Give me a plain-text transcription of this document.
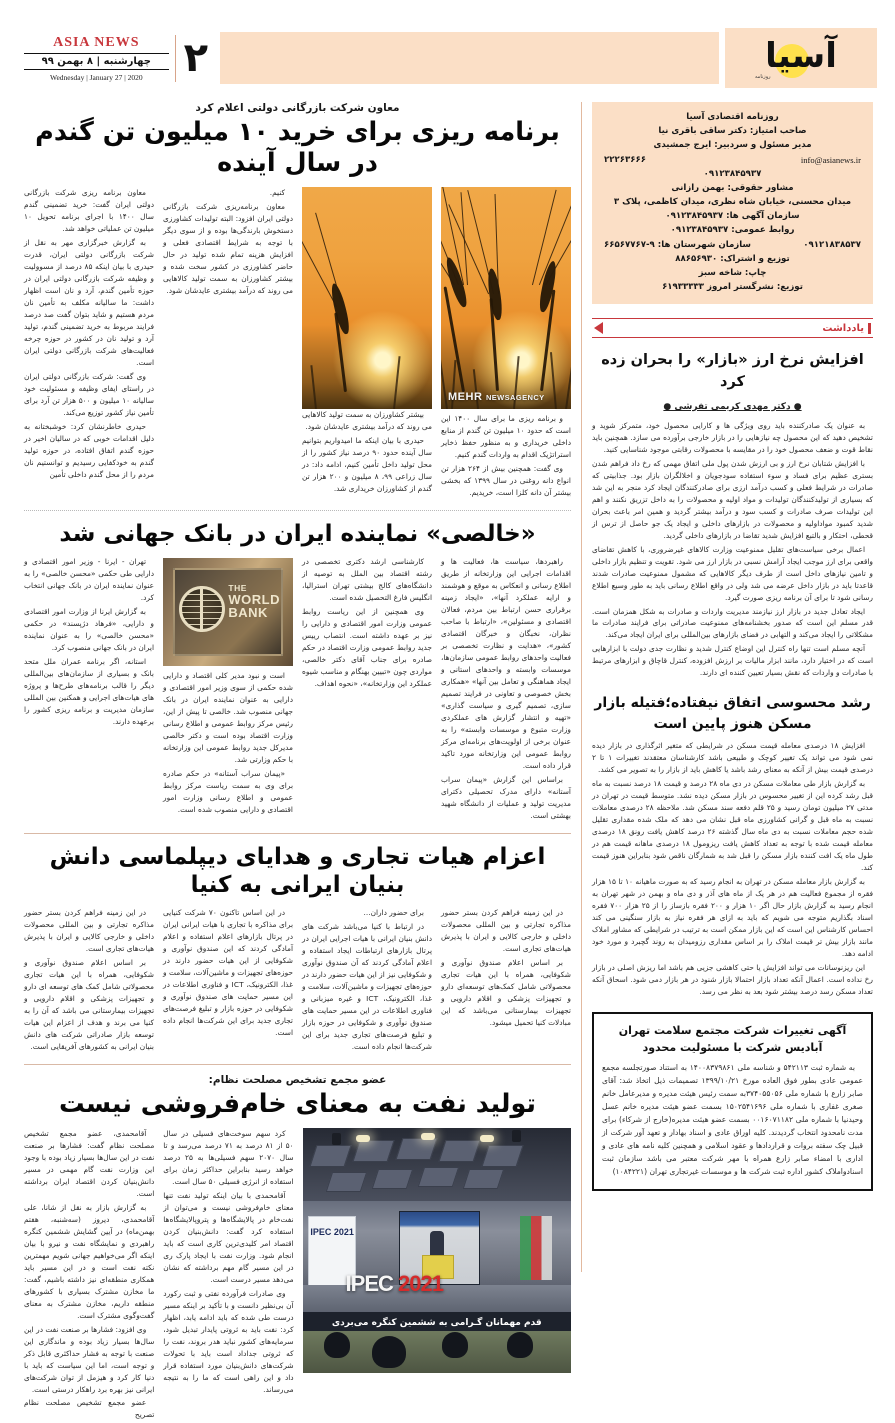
آسیا
روزنامه
۲
ASIA NEWS
چهارشنبه | ۸ بهمن ۹۹
Wednesday | January 27 | 2020
روزنامه اقتصادی آسیا
صاحب امتیاز: دکتر ساقی باقری نیا
مدیر مسئول و سردبیر: ایرج جمشیدی
info@asianews.ir
۲۲۲۶۳۶۶۶
۰۹۱۲۳۸۴۵۹۳۷
مشاور حقوقی: بهمن رازانی
میدان محسنی، خیابان شاه نظری، میدان کاظمی، پلاک ۳
سازمان آگهی ها: ۰۹۱۲۳۸۴۵۹۳۷
روابط عمومی: ۰۹۱۲۳۸۴۵۹۳۷
۰۹۱۲۱۸۳۸۵۳۷
سازمان شهرستان ها: ۹-۶۶۵۶۷۷۶۷
توزیع و اشتراک: ۸۸۶۵۶۹۳۰
چاپ: شاخه سبز
توزیع: نشرگستر امروز ۶۱۹۳۳۳۳۳
یادداشت
افزایش نرخ ارز «بازار» را بحران زده کرد
● دکتر مهدی کریمی تفرشی ●

به عنوان یک صادرکننده باید روی ویژگی ها و کارایی محصول خود، متمرکز شوید و تشخیص دهید که این محصول چه نیازهایی را در بازار خارجی برآورده می سازد. همچنین باید نقاط قوت و ضعف محصول خود را در مقایسه با محصولات رقابتی موجود شناسایی کنید.

با افزایش شتابان نرخ ارز و بی ارزش شدن پول ملی اتفاق مهمی که رخ داد فراهم شدن بستری عظیم برای فساد و سوء استفاده سودجویان و اخلالگران بازار بود. جذابیتی که صادرات در شرایط فعلی و کسب درآمد ارزی برای صادرکنندگان ایجاد کرد منجر به این شد که بسیاری از تولیدکنندگان تولیدات و مواد اولیه و محصولات را به داخل تزریق نکنند و اهم این تولیدات صرف صادرات و کسب سود و درآمد بیشتر گردید و همین امر باعث بحران شدید کمبود مواداولیه و محصولات در بازارهای داخلی و ایجاد یک جو حاصل از ترس از قحطی، احتکار و بالتبع افزایش شدید تقاضا در بازارهای داخلی گردید.

اعمال برخی سیاست‌های تقلیل ممنوعیت وزارت کالاهای غیرضروری، با کاهش تقاضای واقعی برای ارز موجب ایجاد آرامش نسبی در بازار ارز می شود. تقویت و تنظیم بازار داخلی و تامین نیازهای داخل است از طرف دیگر کالاهایی که مشمول ممنوعیت صادرات شدند قاعدتا باید در بازار داخل عرضه می شد ولی در واقع اطلاع رسانی باید به طور وسیع اطلاع رسانی شود تا برای آن برنامه ریزی صورت گیرد.

ایجاد تعادل جدید در بازار ارز نیازمند مدیریت واردات و صادرات به شکل همزمان است. قدر مسلم این است که صدور بخشنامه‌های ممنوعیت صادراتی برای فرایند صادرات ما مشکلاتی را ایجاد می‌کند و التهابی در فضای بازارهای بین‌المللی برای ایران ایجاد می‌کند.

آنچه مسلم است تنها راه کنترل این اوضاع کنترل شدید و نظارت جدی دولت با ابزارهایی است که در اختیار دارد، مانند ابزار مالیات بر ارزش افزوده، کنترل قاچاق و ابزارهای مرتبط با صادرات و واردات که نقش بسیار تعیین کننده ای دارند.

رشد محسوسی اتفاق نیفتاده؛فتیله بازار مسکن هنوز پایین است

افزایش ۱۸ درصدی معامله قیمت مسکن در شرایطی که متغیر اثرگذاری در بازار دیده نمی شود می تواند یک تغییر کوچک و طبیعی باشد کارشناسان معتقدند تغییرات ۱ تا ۲ درصدی قیمت بیش از آنکه به معنای رشد باشد یا کاهش باید از بازار را به تصویر می کشد.

به گزارش بازار طی معاملات مسکن در دی ماه ۲۸ درصد و قیمت ۱۸ درصد نسبت به ماه قبل رشد کرده این از تغییر محسوس در بازار مسکن دیده نشد. متوسط قیمت در تهران در مدتی ۲۷ میلیون تومان رسید و ۲۵ قلم دفعه سند مسکن شد. ملاحظه ۲۸ درصدی معاملات نسبت به ماه قبل و گرانی کشاورزی ماه قبل نشان می دهد که ملک شده مقداری تقلیل شده حجم معاملات نسبت به دی ماه سال گذشته ۲۶ درصد کاهش یافت رونق ۱۸ درصدی معامله قیمت شده با توجه به تعداد کاهش یافت ریزومول ۱۸ درصدی ماهانه قیمت هم در طول ماه یک افت کننده بازار مسکن را قبل شد به شمارگان ناقص شود بنابراین هنوز قیمت کند.

به گزارش بازار معامله مسکن در تهران به انجام رسید که به صورت ماهیانه ۱۰ تا ۱۵ هزار فقره از مجموع فعالیت هم در هر یک از ماه های آذر و دی ماه و بهمن در شهر تهران به انجام رسید به گزارش بازار حال اگر ۱۰ هزار و ۲۰۰ فقره بازساز را از ۲۵ هزار ۷۰۰ فقره اسناد بگذاریم متوجه می شویم که باید به ازای هر فقره نیاز به بازار سنگینی می کند احساس کارشناس این است که این بازار ممکن است به ترتیب در شرایطی که مشاور املاک مانند بازار بیش تر قیمت املاک را بر اساس مقداری رزومیدان به روند گچبرد و مورد خود ادامه دهد.

این ریزنوسانات می تواند افزایش یا حتی کاهشی جزیی هم باشد اما ریزش اصلی در بازار رخ نداده است. اعمال آنکه تعداد بازار احتمالا بازار شنود در هر بازار دمی شود. اسحاق آنکه تعداد مسکن رسد درصد بیشتر شود بعد به نظر می رسد.

آگهی تغییرات شرکت مجتمع سلامت تهران آبادیس شرکت با مسئولیت محدود

به شماره ثبت ۵۴۲۱۱۳ و شناسه ملی ۱۴۰۰۸۳۷۹۸۶۱ به استناد صورتجلسه مجمع عمومی عادی بطور فوق العاده مورخ ۱۳۹۹/۱۰/۲۱ تصمیمات ذیل اتخاذ شد: آقای صابر زارع با شماره ملی ۳۷۴۰۵۵۰۵۶به سمت رئیس هیئت مدیره و مدیرعامل خانم صغری غفاری با شماره ملی ۱۵۰۲۵۴۱۶۹۶ بسمت عضو هیئت مدیره خانم عسل وحیدنیا با شماره ملی ۰۰۱۶۰۷۱۱۸۲ بسمت عضو هیئت مدیره(خارج از شرکاء) برای مدت نامحدود انتخاب گردیدند. کلیه اوراق عادی و اسناد بهادار و تعهد آور شرکت از قبیل چک سفته بروات و قراردادها و عقود اسلامی و همچنین کلیه نامه های عادی و اداری با امضاء صابر زارع همراه با مهر شرکت معتبر می باشد سازمان ثبت اسنادواملاک کشور اداره ثبت شرکت ها و موسسات غیرتجاری تهران (۱۰۸۴۲۲۱)

معاون شرکت بازرگانی دولتی اعلام کرد
برنامه ریزی برای خرید ۱۰ میلیون تن گندم در سال آینده
MEHR NEWSAGENCY

و برنامه ریزی ما برای سال ۱۴۰۰ این است که حدود ۱۰ میلیون تن گندم از منابع داخلی خریداری و به منظور حفظ ذخایر استراتژیک اقدام به واردات گندم کنیم.

وی گفت: همچنین بیش از ۲۶۴ هزار تن انواع دانه روغنی در سال ۱۳۹۹ که بخشی بیشتر آن دانه کلزا است، خریدیم.

بیشتر کشاورزان به سمت تولید کالاهایی می روند که درآمد بیشتری عایدشان شود.

حیدری با بیان اینکه ما امیدواریم بتوانیم سال آینده حدود ۹۰ درصد نیاز کشور را از محل تولید داخل تأمین کنیم، ادامه داد: در سال زراعی ۹۹، ۸ میلیون و ۲۰۰ هزار تن گندم از کشاورزان خریداری شد.

کنیم.

معاون برنامه‌ریزی شرکت بازرگانی دولتی ایران افزود: البته تولیدات کشاورزی دستخوش بارندگی‌ها بوده و از سوی دیگر با توجه به شرایط اقتصادی فعلی و افزایش هزینه تمام شده تولید در حال حاضر کشاورزی در کشور سخت شده و بیشتر کشاورزان به سمت تولید کالاهایی می روند که درآمد بیشتری عایدشان شود.

معاون برنامه ریزی شرکت بازرگانی دولتی ایران گفت: خرید تضمینی گندم سال ۱۴۰۰ با اجرای برنامه تحویل ۱۰ میلیون تن عملیاتی خواهد شد.

به گزارش خبرگزاری مهر به نقل از شرکت بازرگانی دولتی ایران، قدرت حیدری با بیان اینکه ۸۵ درصد از مسوولیت و وظیفه شرکت بازرگانی دولتی ایران در حوزه تأمین گندم، آرد و نان است اظهار داشت: ما سالیانه مکلف به تأمین نان مردم هستیم و شاید بتوان گفت صد درصد فرایند مربوط به خرید تضمینی گندم، تولید آرد و تولید نان در کشور در حوزه چرخه فعالیت‌های شرکت بازرگانی دولتی ایران است.

وی گفت: شرکت بازرگانی دولتی ایران در راستای ایفای وظیفه و مسئولیت خود سالیانه ۱۰ میلیون و ۵۰۰ هزار تن آرد برای تأمین نیاز کشور توزیع می‌کند.

حیدری خاطرنشان کرد: خوشبختانه به دلیل اقدامات خوبی که در سالیان اخیر در حوزه گندم اتفاق افتاده، در حوزه تولید گندم به خودکفایی رسیدیم و توانستیم نان مردم را از محل گندم داخلی تأمین

«خالصی» نماینده ایران در بانک جهانی شد

راهبردها، سیاست ها، فعالیت ها و اقدامات اجرایی این وزارتخانه از طریق اطلاع رسانی و انعکاس به موقع و هوشمند و ارایه عملکرد آنها»، «ایجاد زمینه برقراری حسن ارتباط بین مردم، فعالان اقتصادی و مسئولین»، «ارتباط با صاحب نظران، نخبگان و خبرگان اقتصادی کشور»، «هدایت و نظارت تخصصی بر فعالیت واحدهای روابط عمومی سازمان‌ها، موسسات وابسته و واحدهای استانی و ایجاد هماهنگی و تعامل بین آنها» «همکاری بخش خصوصی و تعاونی در فرایند تصمیم سازی، تصمیم گیری و سیاست گذاری» «تهیه و انتشار گزارش های عملکردی وزارت متبوع و موسسات وابسته» را به عنوان برخی از اولویت‌های برنامه‌ای مرکز روابط عمومی این وزارتخانه مورد تاکید قرار داده است.

براساس این گزارش «پیمان سراب آستانه» دارای مدرک تحصیلی دکترای مدیریت تولید و عملیات از دانشگاه شهید بهشتی است.

کارشناسی ارشد دکتری تخصصی در رشته اقتصاد بین الملل به توصیه از دانشگاه‌های کالج بیشتی تهران استرالیا، انگلیس فارغ التحصیل شده است.

وی همچنین از این ریاست روابط عمومی وزارت امور اقتصادی و دارایی را نیز بر عهده داشته است. انتصاب رییس جدید روابط عمومی وزارت اقتصاد در حکم صادره برای جناب آقای دکتر خالصی، مواردی چون «تبیین بهنگام و مناسب شیوه عملکرد این وزارتخانه»، «نحوه اهداف.

THE
WORLD
BANK

است و نبود مدیر کلی اقتصاد و دارایی شده حکمی از سوی وزیر امور اقتصادی و دارایی به عنوان نماینده ایران در بانک جهانی منصوب شد. خالصی تا پیش از این، رئیس مرکز روابط عمومی و اطلاع رسانی وزارت اقتصاد بوده است و دکتر خالصی مدیرکل جدید روابط عمومی این وزارتخانه با حکم وزارتی شد.

«پیمان سراب آستانه» در حکم صادره برای وی به سمت ریاست مرکز روابط عمومی و اطلاع رسانی وزارت امور اقتصادی و دارایی منصوب شده است.

تهران - ایرنا - وزیر امور اقتصادی و دارایی طی حکمی «محسن خالصی» را به عنوان نماینده ایران در بانک جهانی انتخاب کرد.

به گزارش ایرنا از وزارت امور اقتصادی و دارایی، «فرهاد دژپسند» در حکمی «محسن خالصی» را به عنوان نماینده ایران در بانک جهانی منصوب کرد.

استانه، اگر برنامه عمران ملل متحد بانک و بسیاری از سازمان‌های بین‌المللی دیگر را قالب برنامه‌های طرح‌ها و پروژه های هیات‌های اجرایی و همکنین بین المللی سازمان مدیریت و برنامه ریزی کشور را برعهده دارند.

اعزام هیات تجاری و هدایای دیپلماسی دانش بنیان ایرانی به کنیا

در این زمینه فراهم کردن بستر حضور مذاکره تجارتی و بین المللی محصولات داخلی و خارجی کالایی و ایران با پذیرش هیات‌های تجاری است.

بر اساس اعلام صندوق نوآوری و شکوفایی، همراه با این هیات تجاری محصولاتی شامل کمک‌های توسعه‌ای دارو و تجهیزات پزشکی و اقلام دارویی و تجهیزات بیمارستانی می‌باشد که این مبادلات کنیا تحمیل میشود.

برای حضور داران...

در ارتباط با کنیا می‌باشد شرکت های دانش بنیان ایرانی با هیات اجرایی ایران در پرتال بازارهای ارتباطات ایجاد استفاده و اعلام آمادگی کردند که آن صندوق نوآوری و شکوفایی نیز از این هیات حضور دارند در حوزه‌های تجهیزات و ماشین‌آلات، سلامت و غذا، الکترونیک، ICT و غیره میزبانی و فناوری اطلاعات در این مسیر حمایت های صندوق نوآوری و شکوفایی در حوزه بازار و تبلیغ فرصت‌های تجاری جدید برای این شرکت‌ها انجام داده است.

در این اساس تاکنون ۷۰ شرکت کنیایی برای مذاکره با تجاری با هیات ایرانی ایران در پرتال بازارهای اعلام استفاده و اعلام آمادگی کردند که این صندوق نوآوری و شکوفایی از این هیات حضور دارند در حوزه‌های تجهیزات و ماشین‌آلات، سلامت و غذا، الکترونیک، ICT و فناوری اطلاعات در این مسیر حمایت های صندوق نوآوری و شکوفایی در حوزه بازار و تبلیغ فرصت‌های تجاری جدید برای این شرکت‌ها انجام داده است.

در این زمینه فراهم کردن بستر حضور مذاکره تجارتی و بین المللی محصولات داخلی و خارجی کالایی و ایران با پذیرش هیات‌های تجاری است.

بر اساس اعلام صندوق نوآوری و شکوفایی، همراه با این هیات تجاری محصولاتی شامل کمک های توسعه ای دارو و تجهیزات پزشکی و اقلام دارویی و تجهیزات بیمارستانی می باشد که آن را به کنیا می برند و هدف از اعزام این هیات توسعه بازار صادراتی شرکت های دانش بنیان ایرانی به کشورهای آفریقایی است.

عضو مجمع تشخیص مصلحت نظام:
تولید نفت به معنای خام‌فروشی نیست
IPEC 2021
IPEC 2021
قدم مهمانان گـرامی به ششمین کنگره می‌بردی

کرد سهم سوخت‌های فسیلی در سال ۵۰ از ۸۱ درصد به ۷۱ درصد می‌رسد و تا سال ۲۰۷۰ سهم فسیلی‌ها به ۲۵ درصد خواهد رسید بنابراین حداکثر زمان برای استفاده از انرژی فسیلی ۵۰ سال است.

آقامحمدی با بیان اینکه تولید نفت تنها معنای خام‌فروشی نیست و می‌توان از نفت‌خام در پالایشگاه‌ها و پتروپالایشگاه‌ها استفاده کرد گفت: دانش‌بنیان کردن اقتصاد امر کلیدی‌ترین کاری است که باید انجام شود. وزارت نفت با ایجاد پارک ری در این مسیر گام مهم برداشته که نشان می‌دهد مسیر درست است.

وی صادرات فرآورده نفتی و ثبت رکورد آن بی‌نظیر دانست و با تأکید بر اینکه مسیر درست طی شده که باید ادامه یابد، اظهار کرد: نفت باید به ثروتی پایدار تبدیل شود، سرمایه‌های کشور نباید هدر بروند، نفت را که ثروتی جداداد است باید با تحولات شرکت‌های دانش‌بنیان مورد استفاده قرار داد و این راهی است که ما را به نتیجه می‌رساند.

آقامحمدی، عضو مجمع تشخیص مصلحت نظام گفت: فشارها بر صنعت نفت در این سال‌ها بسیار زیاد بوده با وجود این وزارت نفت گام مهمی در مسیر دانش‌بنیان کردن اقتصاد ایران برداشته است.

به گزارش بازار به نقل از شانا، علی آقامحمدی، دیروز (سه‌شنبه، هفتم بهمن‌ماه) در آیین گشایش ششمین کنگره راهبردی و نمایشگاه نفت و نیرو با بیان اینکه اگر می‌خواهیم جهانی شویم مهمترین نکته نفت است و در این مسیر باید همکاری منطقه‌ای نیز داشته باشیم، گفت: ما مخازن مشترک بسیاری با کشورهای منطقه داریم، مخازن مشترک به معنای گفت‌وگوی مشترک است.

وی افزود: فشارها بر صنعت نفت در این سال‌ها بسیار زیاد بوده و ماندگاری این صنعت با توجه به فشار حداکثری قابل ذکر و توجه است، اما این سیاست که باید با دنیا کار کرد و هیزمل از توان شرکت‌های ایرانی نیز بهره برد راهکار درستی است.

عضو مجمع تشخیص مصلحت نظام تصریح
